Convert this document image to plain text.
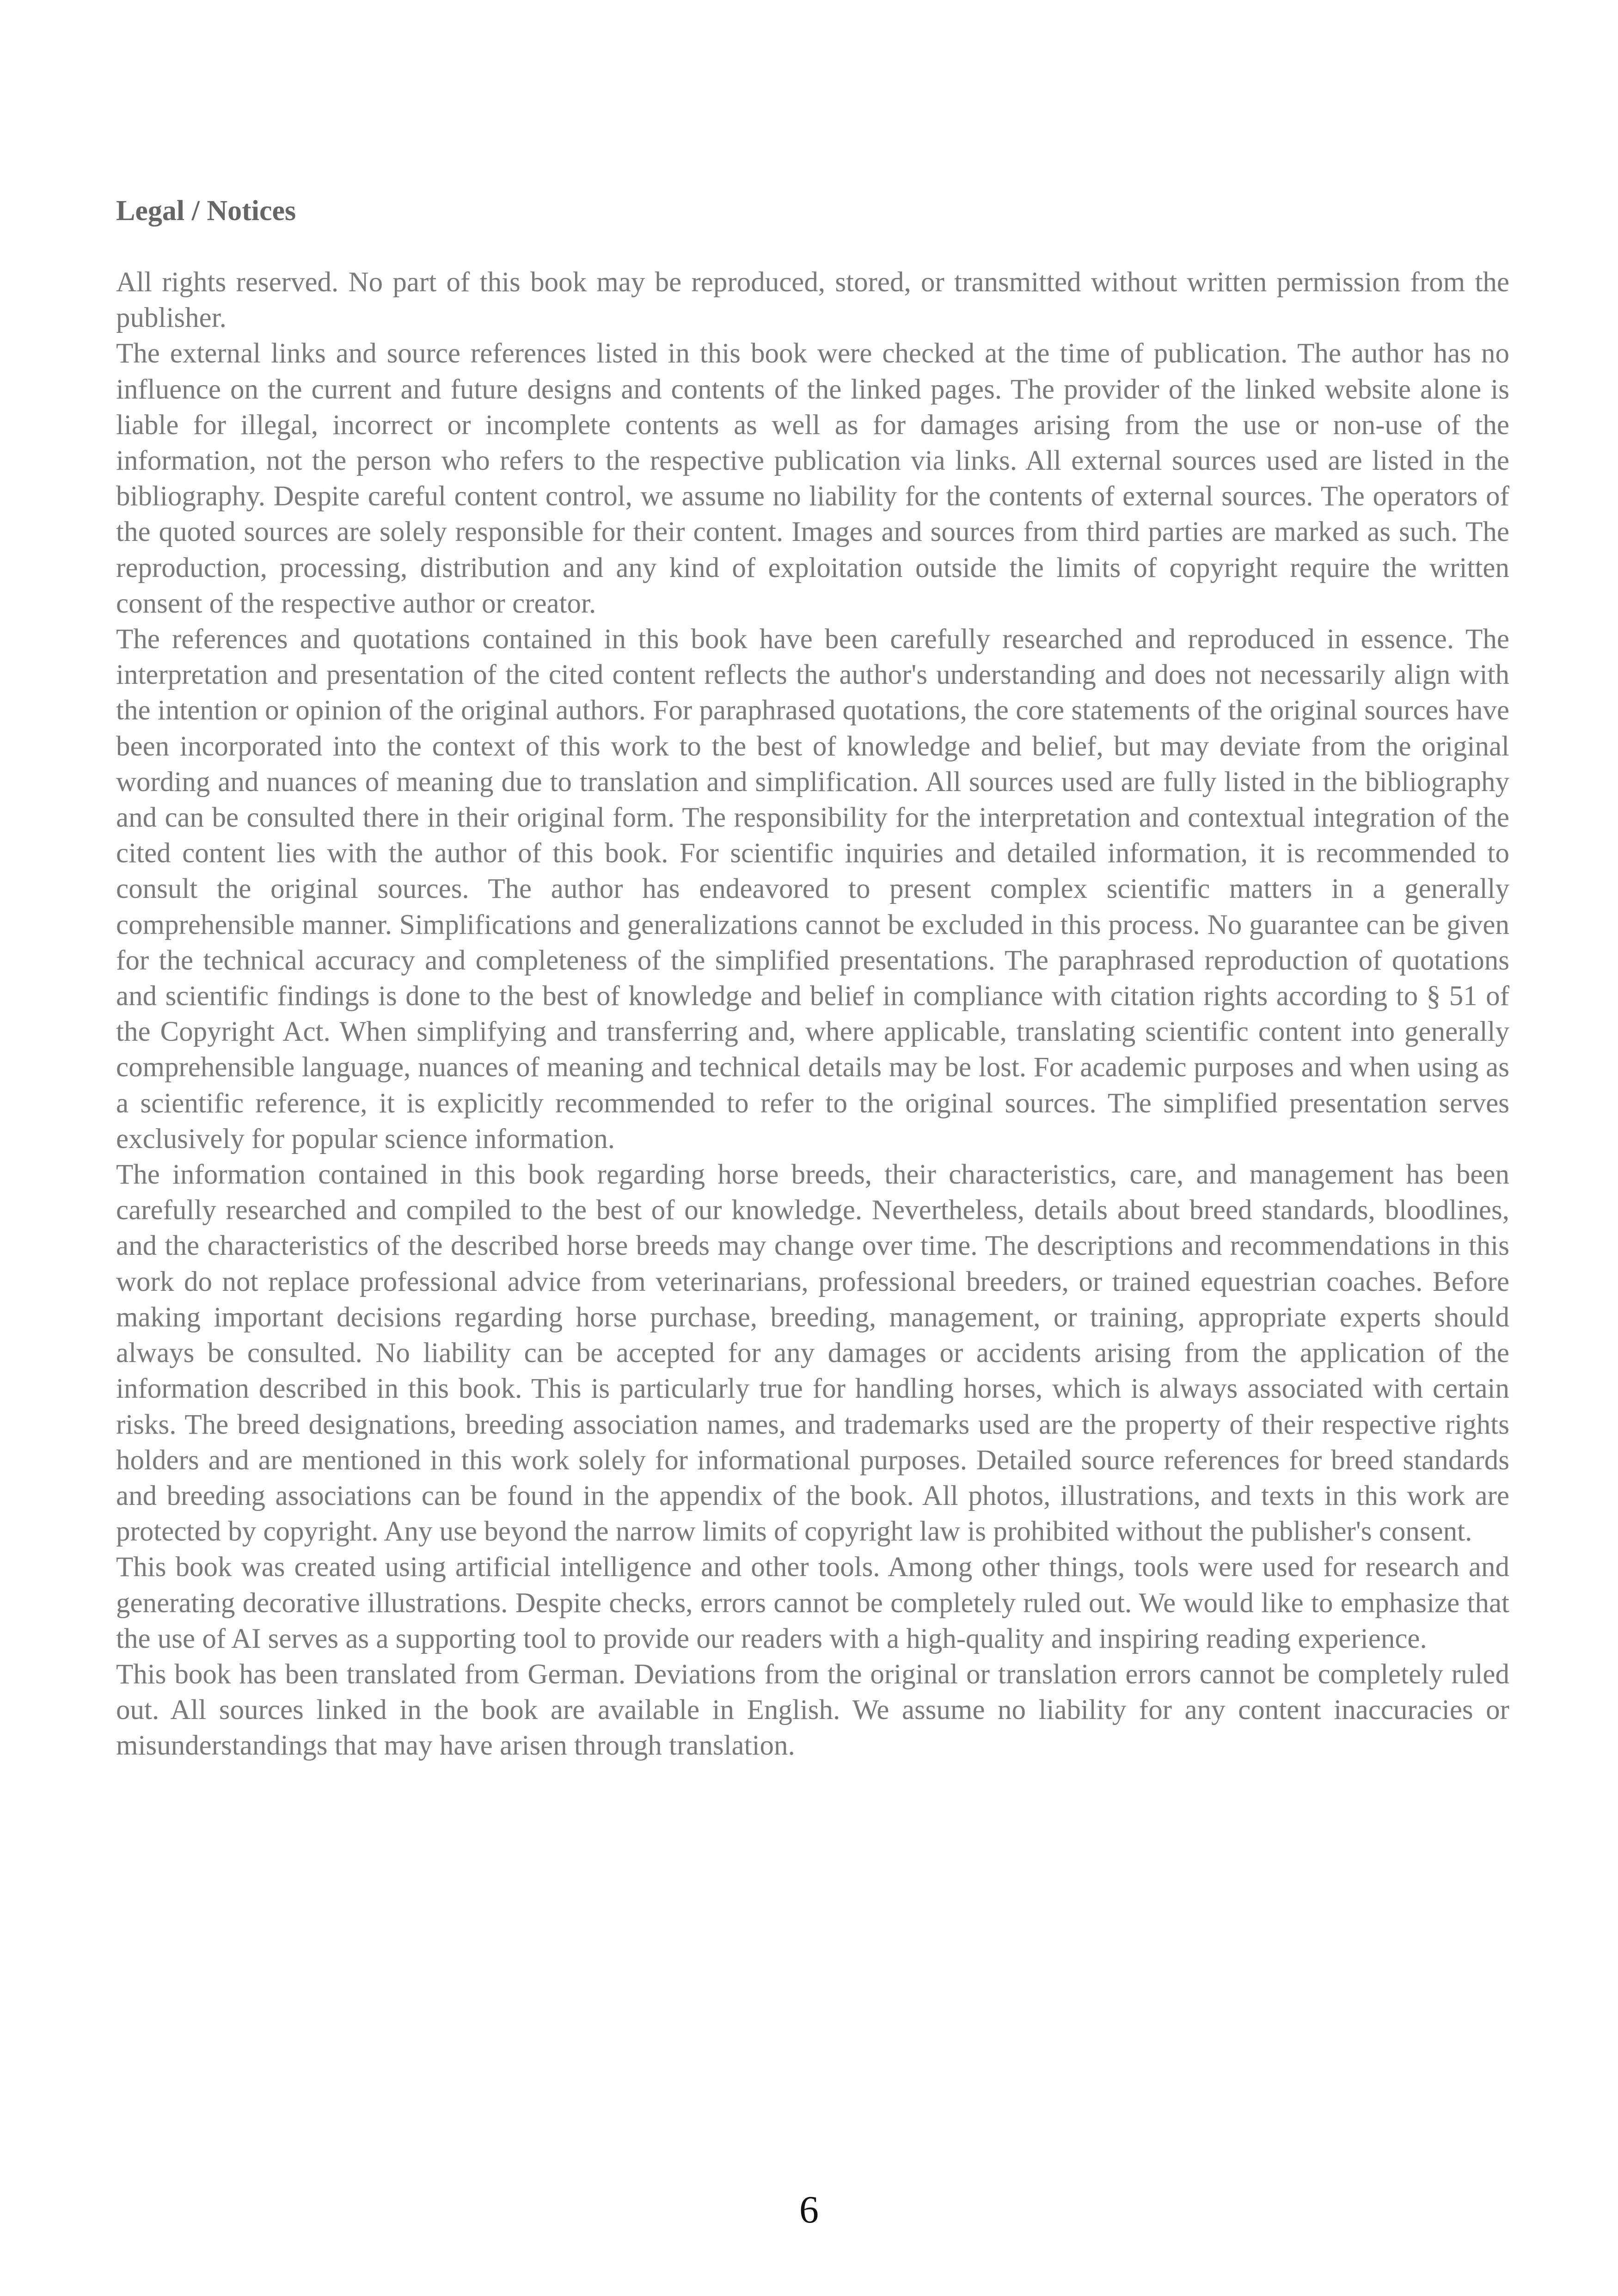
Legal / Notices

All rights reserved. No part of this book may be reproduced, stored, or transmitted without written permission from the publisher.

The external links and source references listed in this book were checked at the time of publication. The author has no influence on the current and future designs and contents of the linked pages. The provider of the linked website alone is liable for illegal, incorrect or incomplete contents as well as for damages arising from the use or non-use of the information, not the person who refers to the respective publication via links. All external sources used are listed in the bibliography. Despite careful content control, we assume no liability for the contents of external sources. The operators of the quoted sources are solely responsible for their content. Images and sources from third parties are marked as such. The reproduction, processing, distribution and any kind of exploitation outside the limits of copyright require the written consent of the respective author or creator.

The references and quotations contained in this book have been carefully researched and reproduced in essence. The interpretation and presentation of the cited content reflects the author's understanding and does not necessarily align with the intention or opinion of the original authors. For paraphrased quotations, the core statements of the original sources have been incorporated into the context of this work to the best of knowledge and belief, but may deviate from the original wording and nuances of meaning due to translation and simplification. All sources used are fully listed in the bibliography and can be consulted there in their original form. The responsibility for the interpretation and contextual integration of the cited content lies with the author of this book. For scientific inquiries and detailed information, it is recommended to consult the original sources. The author has endeavored to present complex scientific matters in a generally comprehensible manner. Simplifications and generalizations cannot be excluded in this process. No guarantee can be given for the technical accuracy and completeness of the simplified presentations. The paraphrased reproduction of quotations and scientific findings is done to the best of knowledge and belief in compliance with citation rights according to § 51 of the Copyright Act. When simplifying and transferring and, where applicable, translating scientific content into generally comprehensible language, nuances of meaning and technical details may be lost. For academic purposes and when using as a scientific reference, it is explicitly recommended to refer to the original sources. The simplified presentation serves exclusively for popular science information.

The information contained in this book regarding horse breeds, their characteristics, care, and management has been carefully researched and compiled to the best of our knowledge. Nevertheless, details about breed standards, bloodlines, and the characteristics of the described horse breeds may change over time. The descriptions and recommendations in this work do not replace professional advice from veterinarians, professional breeders, or trained equestrian coaches. Before making important decisions regarding horse purchase, breeding, management, or training, appropriate experts should always be consulted. No liability can be accepted for any damages or accidents arising from the application of the information described in this book. This is particularly true for handling horses, which is always associated with certain risks. The breed designations, breeding association names, and trademarks used are the property of their respective rights holders and are mentioned in this work solely for informational purposes. Detailed source references for breed standards and breeding associations can be found in the appendix of the book. All photos, illustrations, and texts in this work are protected by copyright. Any use beyond the narrow limits of copyright law is prohibited without the publisher's consent.

This book was created using artificial intelligence and other tools. Among other things, tools were used for research and generating decorative illustrations. Despite checks, errors cannot be completely ruled out. We would like to emphasize that the use of AI serves as a supporting tool to provide our readers with a high-quality and inspiring reading experience.

This book has been translated from German. Deviations from the original or translation errors cannot be completely ruled out. All sources linked in the book are available in English. We assume no liability for any content inaccuracies or misunderstandings that may have arisen through translation.

6
